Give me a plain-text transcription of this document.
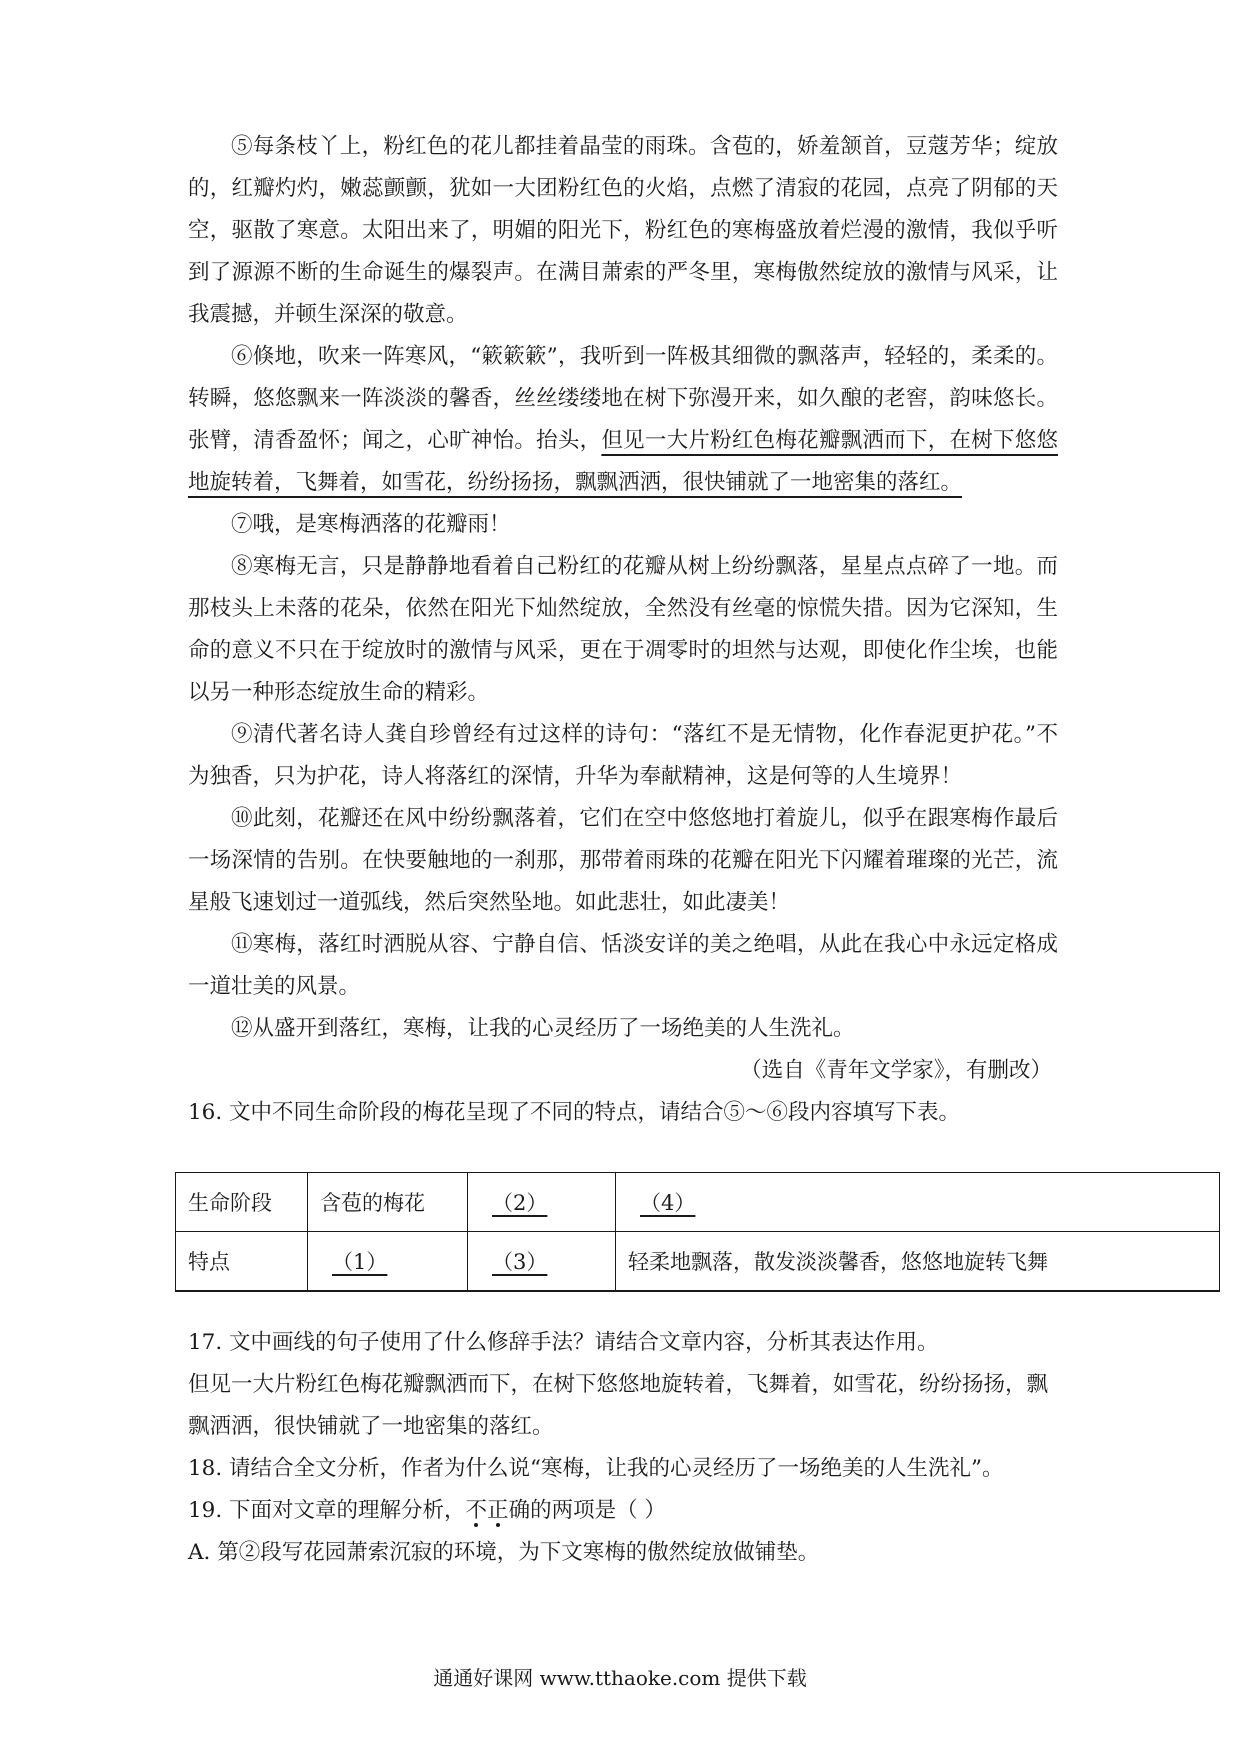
⑤每条枝丫上，粉红色的花儿都挂着晶莹的雨珠。含苞的，娇羞颔首，豆蔻芳华；绽放的，红瓣灼灼，嫩蕊颤颤，犹如一大团粉红色的火焰，点燃了清寂的花园，点亮了阴郁的天空，驱散了寒意。太阳出来了，明媚的阳光下，粉红色的寒梅盛放着烂漫的激情，我似乎听到了源源不断的生命诞生的爆裂声。在满目萧索的严冬里，寒梅傲然绽放的激情与风采，让我震撼，并顿生深深的敬意。

⑥倏地，吹来一阵寒风，“簌簌簌”，我听到一阵极其细微的飘落声，轻轻的，柔柔的。转瞬，悠悠飘来一阵淡淡的馨香，丝丝缕缕地在树下弥漫开来，如久酿的老窖，韵味悠长。张臂，清香盈怀；闻之，心旷神怡。抬头，但见一大片粉红色梅花瓣飘洒而下，在树下悠悠地旋转着，飞舞着，如雪花，纷纷扬扬，飘飘洒洒，很快铺就了一地密集的落红。

⑦哦，是寒梅洒落的花瓣雨！

⑧寒梅无言，只是静静地看着自己粉红的花瓣从树上纷纷飘落，星星点点碎了一地。而那枝头上未落的花朵，依然在阳光下灿然绽放，全然没有丝毫的惊慌失措。因为它深知，生命的意义不只在于绽放时的激情与风采，更在于凋零时的坦然与达观，即使化作尘埃，也能以另一种形态绽放生命的精彩。

⑨清代著名诗人龚自珍曾经有过这样的诗句：“落红不是无情物，化作春泥更护花。”不为独香，只为护花，诗人将落红的深情，升华为奉献精神，这是何等的人生境界！

⑩此刻，花瓣还在风中纷纷飘落着，它们在空中悠悠地打着旋儿，似乎在跟寒梅作最后一场深情的告别。在快要触地的一刹那，那带着雨珠的花瓣在阳光下闪耀着璀璨的光芒，流星般飞速划过一道弧线，然后突然坠地。如此悲壮，如此凄美！

⑪寒梅，落红时洒脱从容、宁静自信、恬淡安详的美之绝唱，从此在我心中永远定格成一道壮美的风景。

⑫从盛开到落红，寒梅，让我的心灵经历了一场绝美的人生洗礼。

（选自《青年文学家》，有删改）

16. 文中不同生命阶段的梅花呈现了不同的特点，请结合⑤～⑥段内容填写下表。

生命阶段	含苞的梅花	（2）	（4）
特点	（1）	（3）	轻柔地飘落，散发淡淡馨香，悠悠地旋转飞舞

17. 文中画线的句子使用了什么修辞手法？请结合文章内容，分析其表达作用。

但见一大片粉红色梅花瓣飘洒而下，在树下悠悠地旋转着，飞舞着，如雪花，纷纷扬扬，飘飘洒洒，很快铺就了一地密集的落红。

18. 请结合全文分析，作者为什么说“寒梅，让我的心灵经历了一场绝美的人生洗礼”。

19. 下面对文章的理解分析，不正确的两项是（ ）

A. 第②段写花园萧索沉寂的环境，为下文寒梅的傲然绽放做铺垫。

通通好课网 www.tthaoke.com 提供下载
